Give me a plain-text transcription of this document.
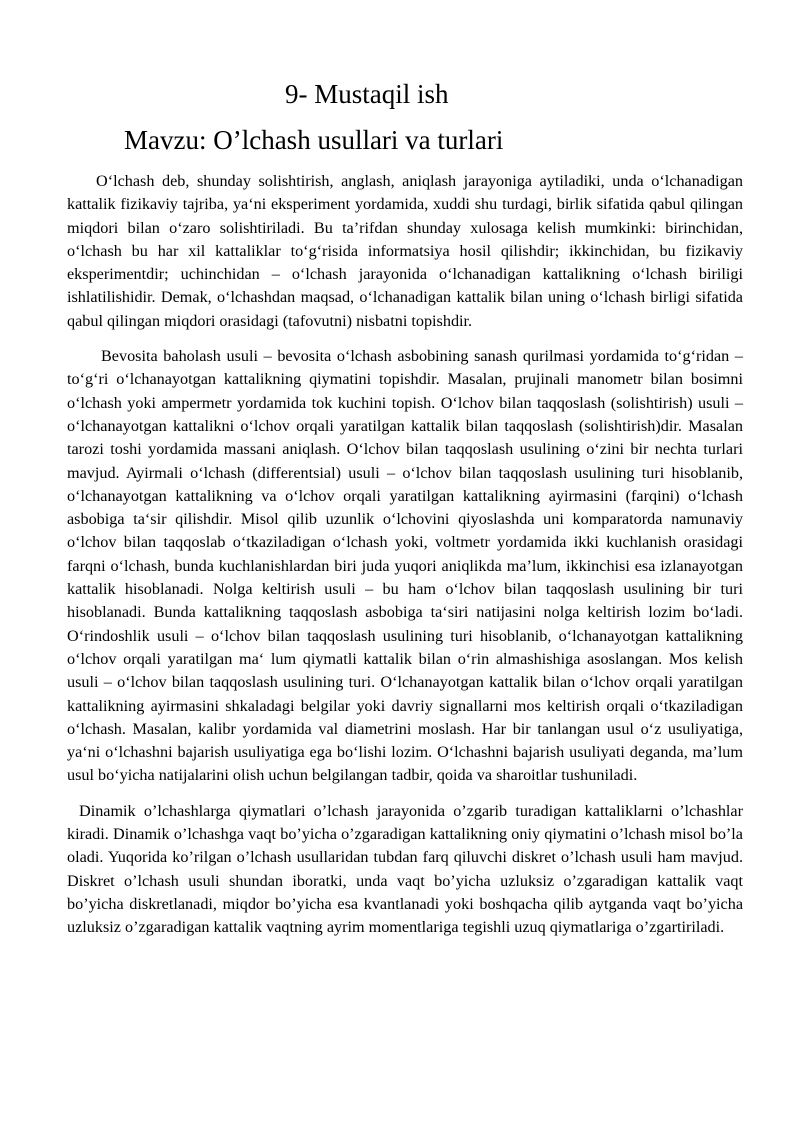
9- Mustaqil ish
Mavzu: O’lchash usullari va turlari

O‘lchash deb, shunday solishtirish, anglash, aniqlash jarayoniga aytiladiki, unda o‘lchanadigan kattalik fizikaviy tajriba, ya‘ni eksperiment yordamida, xuddi shu turdagi, birlik sifatida qabul qilingan miqdori bilan o‘zaro solishtiriladi. Bu ta’rifdan shunday xulosaga kelish mumkinki: birinchidan, o‘lchash bu har xil kattaliklar to‘g‘risida informatsiya hosil qilishdir; ikkinchidan, bu fizikaviy eksperimentdir; uchinchidan – o‘lchash jarayonida o‘lchanadigan kattalikning o‘lchash biriligi ishlatilishidir. Demak, o‘lchashdan maqsad, o‘lchanadigan kattalik bilan uning o‘lchash birligi sifatida qabul qilingan miqdori orasidagi (tafovutni) nisbatni topishdir.

Bevosita baholash usuli – bevosita o‘lchash asbobining sanash qurilmasi yordamida to‘g‘ridan – to‘g‘ri o‘lchanayotgan kattalikning qiymatini topishdir. Masalan, prujinali manometr bilan bosimni o‘lchash yoki ampermetr yordamida tok kuchini topish. O‘lchov bilan taqqoslash (solishtirish) usuli – o‘lchanayotgan kattalikni o‘lchov orqali yaratilgan kattalik bilan taqqoslash (solishtirish)dir. Masalan tarozi toshi yordamida massani aniqlash. O‘lchov bilan taqqoslash usulining o‘zini bir nechta turlari mavjud. Ayirmali o‘lchash (differentsial) usuli – o‘lchov bilan taqqoslash usulining turi hisoblanib, o‘lchanayotgan kattalikning va o‘lchov orqali yaratilgan kattalikning ayirmasini (farqini) o‘lchash asbobiga ta‘sir qilishdir. Misol qilib uzunlik o‘lchovini qiyoslashda uni komparatorda namunaviy o‘lchov bilan taqqoslab o‘tkaziladigan o‘lchash yoki, voltmetr yordamida ikki kuchlanish orasidagi farqni o‘lchash, bunda kuchlanishlardan biri juda yuqori aniqlikda ma’lum, ikkinchisi esa izlanayotgan kattalik hisoblanadi. Nolga keltirish usuli – bu ham o‘lchov bilan taqqoslash usulining bir turi hisoblanadi. Bunda kattalikning taqqoslash asbobiga ta‘siri natijasini nolga keltirish lozim bo‘ladi. O‘rindoshlik usuli – o‘lchov bilan taqqoslash usulining turi hisoblanib, o‘lchanayotgan kattalikning o‘lchov orqali yaratilgan ma‘ lum qiymatli kattalik bilan o‘rin almashishiga asoslangan. Mos kelish usuli – o‘lchov bilan taqqoslash usulining turi. O‘lchanayotgan kattalik bilan o‘lchov orqali yaratilgan kattalikning ayirmasini shkaladagi belgilar yoki davriy signallarni mos keltirish orqali o‘tkaziladigan o‘lchash. Masalan, kalibr yordamida val diametrini moslash. Har bir tanlangan usul o‘z usuliyatiga, ya‘ni o‘lchashni bajarish usuliyatiga ega bo‘lishi lozim. O‘lchashni bajarish usuliyati deganda, ma’lum usul bo‘yicha natijalarini olish uchun belgilangan tadbir, qoida va sharoitlar tushuniladi.

Dinamik o’lchashlarga qiymatlari o’lchash jarayonida o’zgarib turadigan kattaliklarni o’lchashlar kiradi. Dinamik o’lchashga vaqt bo’yicha o’zgaradigan kattalikning oniy qiymatini o’lchash misol bo’la oladi. Yuqorida ko’rilgan o’lchash usullaridan tubdan farq qiluvchi diskret o’lchash usuli ham mavjud. Diskret o’lchash usuli shundan iboratki, unda vaqt bo’yicha uzluksiz o’zgaradigan kattalik vaqt bo’yicha diskretlanadi, miqdor bo’yicha esa kvantlanadi yoki boshqacha qilib aytganda vaqt bo’yicha uzluksiz o’zgaradigan kattalik vaqtning ayrim momentlariga tegishli uzuq qiymatlariga o’zgartiriladi.
